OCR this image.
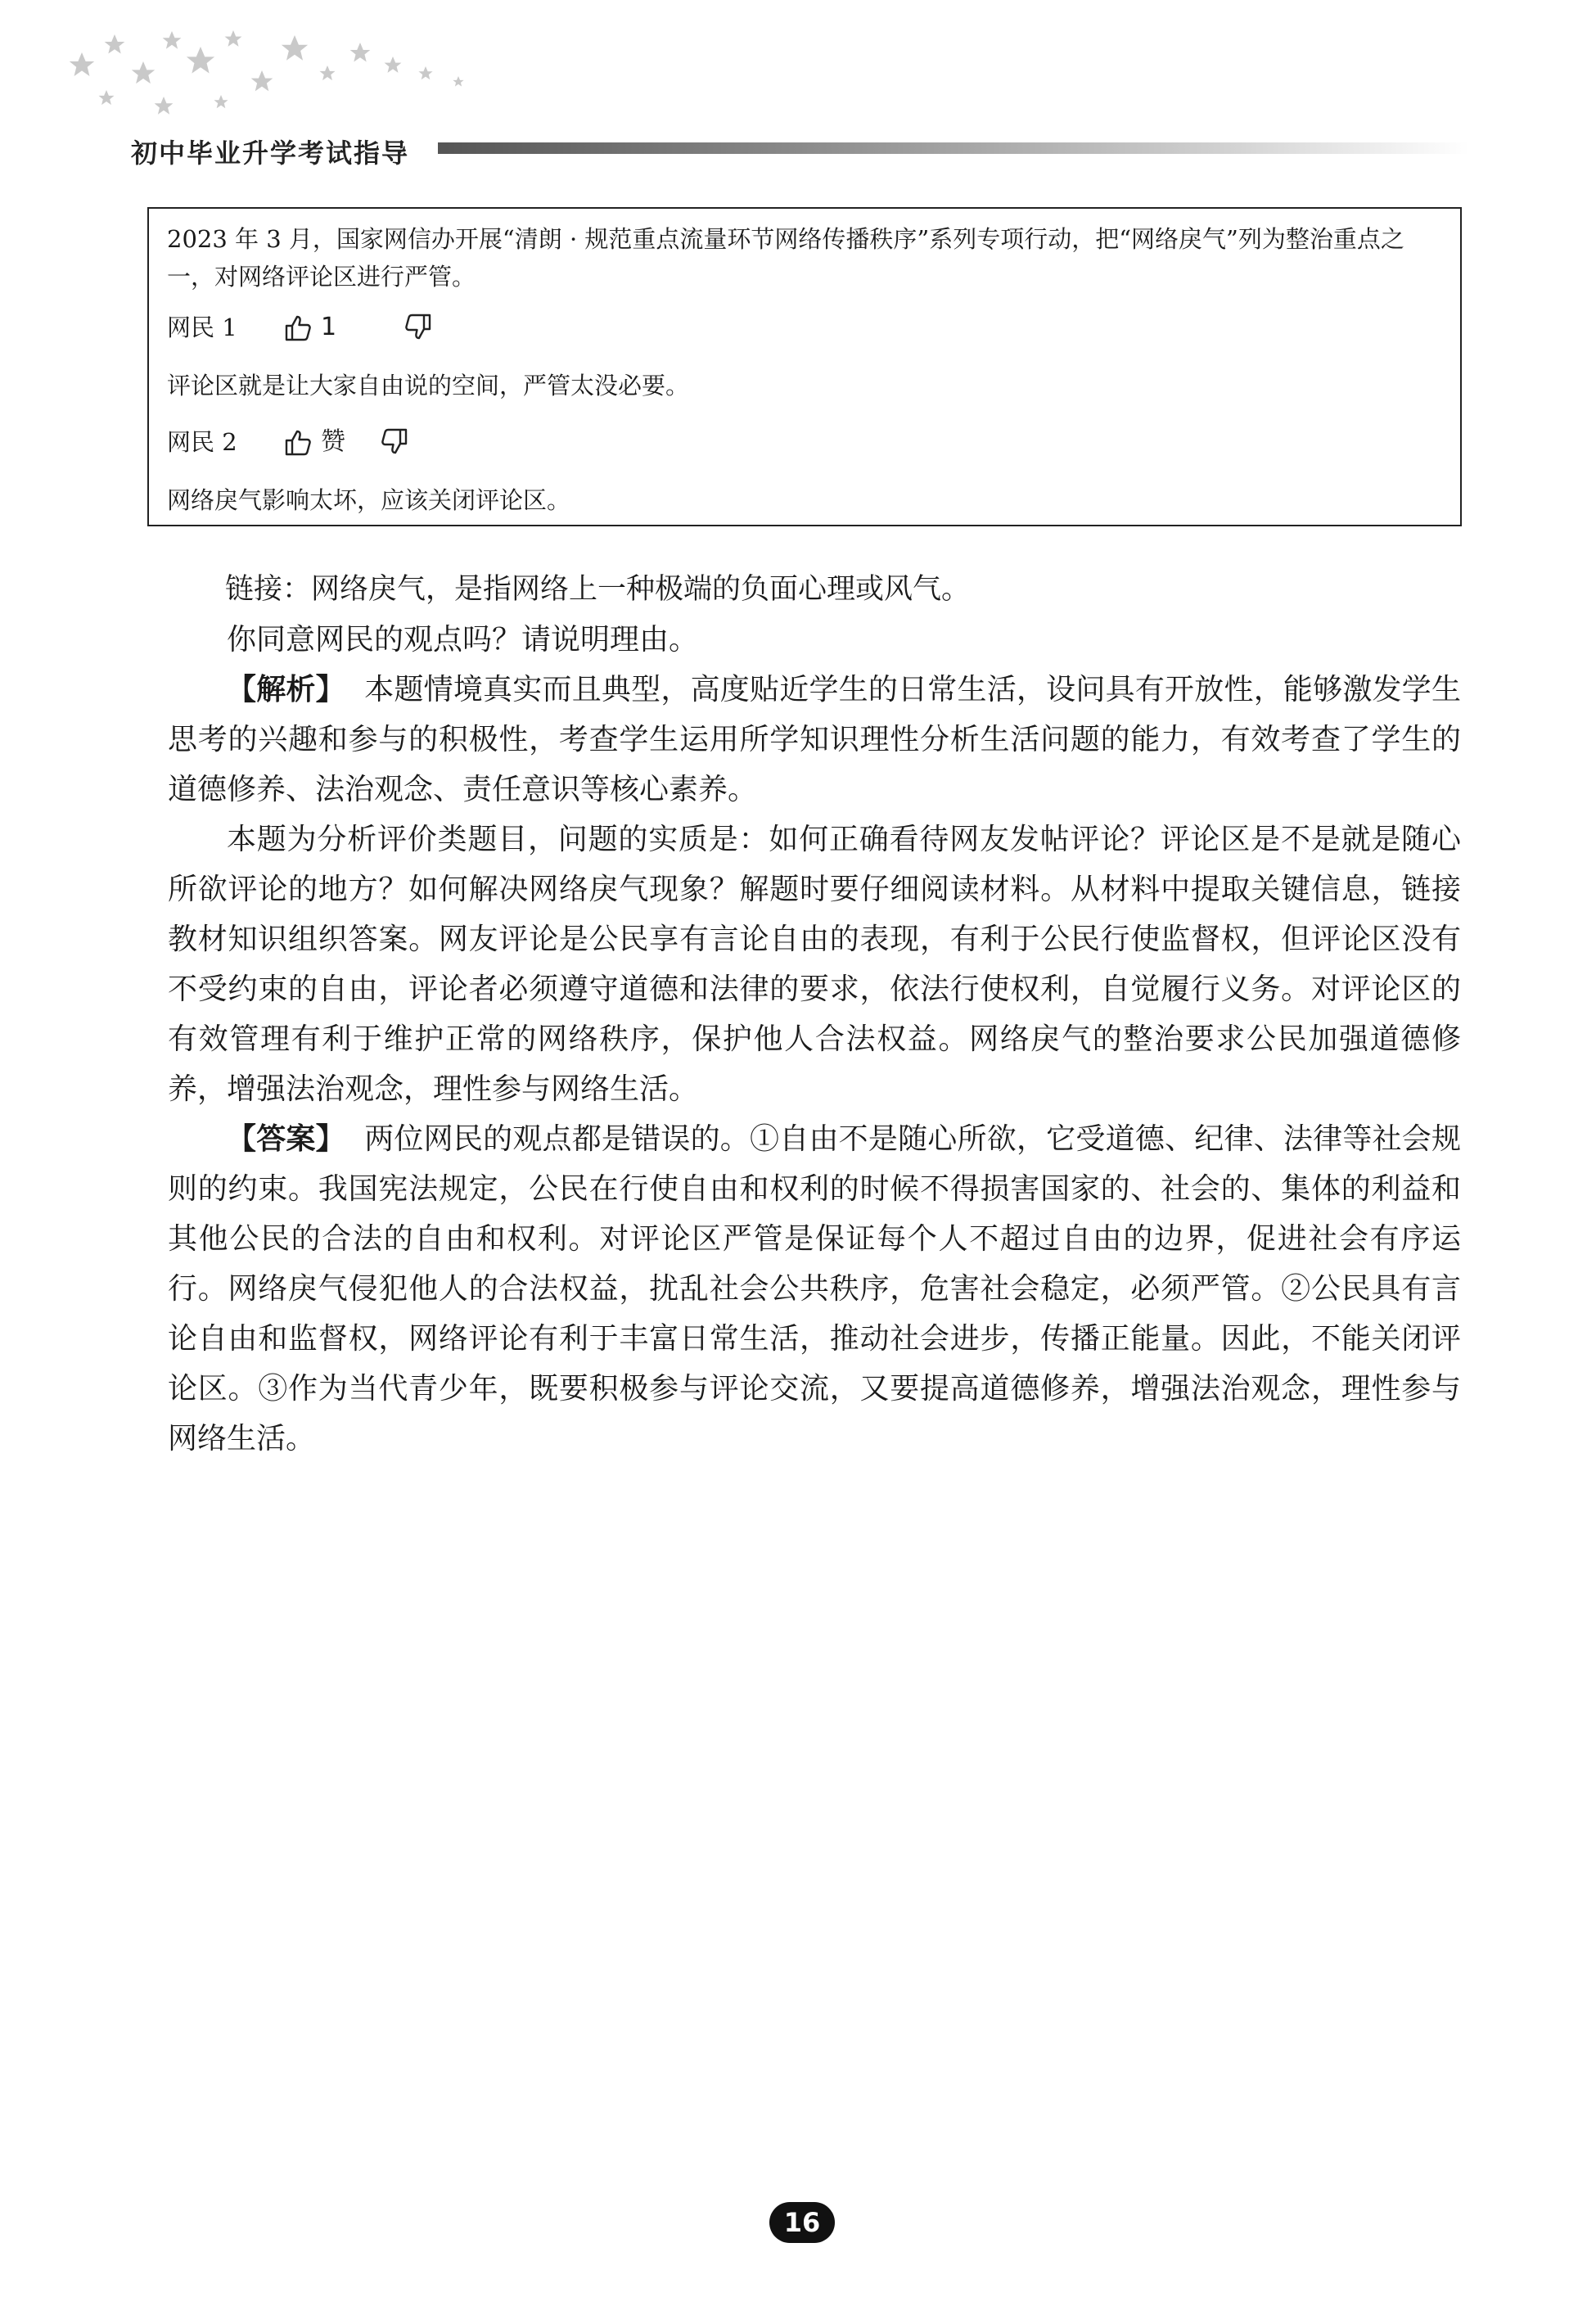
初中毕业升学考试指导

2023 年 3 月，国家网信办开展“清朗 · 规范重点流量环节网络传播秩序”系列专项行动，把“网络戾气”列为整治重点之一，对网络评论区进行严管。

网民 1	1

评论区就是让大家自由说的空间，严管太没必要。

网民 2	赞

网络戾气影响太坏，应该关闭评论区。

链接：网络戾气，是指网络上一种极端的负面心理或风气。

你同意网民的观点吗？请说明理由。

【解析】 本题情境真实而且典型，高度贴近学生的日常生活，设问具有开放性，能够激发学生思考的兴趣和参与的积极性，考查学生运用所学知识理性分析生活问题的能力，有效考查了学生的道德修养、法治观念、责任意识等核心素养。

本题为分析评价类题目，问题的实质是：如何正确看待网友发帖评论？评论区是不是就是随心所欲评论的地方？如何解决网络戾气现象？解题时要仔细阅读材料。从材料中提取关键信息，链接教材知识组织答案。网友评论是公民享有言论自由的表现，有利于公民行使监督权，但评论区没有不受约束的自由，评论者必须遵守道德和法律的要求，依法行使权利，自觉履行义务。对评论区的有效管理有利于维护正常的网络秩序，保护他人合法权益。网络戾气的整治要求公民加强道德修养，增强法治观念，理性参与网络生活。

【答案】 两位网民的观点都是错误的。①自由不是随心所欲，它受道德、纪律、法律等社会规则的约束。我国宪法规定，公民在行使自由和权利的时候不得损害国家的、社会的、集体的利益和其他公民的合法的自由和权利。对评论区严管是保证每个人不超过自由的边界，促进社会有序运行。网络戾气侵犯他人的合法权益，扰乱社会公共秩序，危害社会稳定，必须严管。②公民具有言论自由和监督权，网络评论有利于丰富日常生活，推动社会进步，传播正能量。因此，不能关闭评论区。③作为当代青少年，既要积极参与评论交流，又要提高道德修养，增强法治观念，理性参与网络生活。

16
